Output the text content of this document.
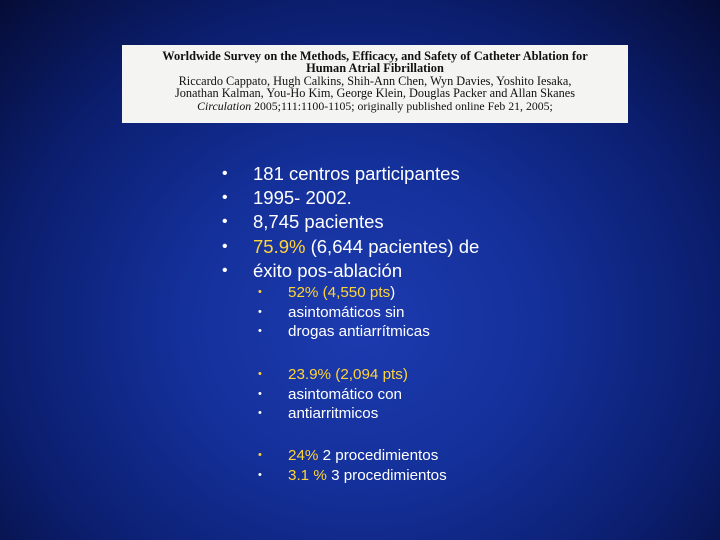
Worldwide Survey on the Methods, Efficacy, and Safety of Catheter Ablation for
Human Atrial Fibrillation
Riccardo Cappato, Hugh Calkins, Shih-Ann Chen, Wyn Davies, Yoshito Iesaka,
Jonathan Kalman, You-Ho Kim, George Klein, Douglas Packer and Allan Skanes
Circulation 2005;111:1100-1105; originally published online Feb 21, 2005;
• 181 centros participantes
• 1995- 2002.
• 8,745 pacientes
• 75.9% (6,644 pacientes) de
• éxito pos-ablación
• 52% (4,550 pts)
• asintomáticos sin
• drogas antiarrítmicas
• 23.9% (2,094 pts)
• asintomático con
• antiarritmicos
• 24% 2 procedimientos
• 3.1 % 3 procedimientos
